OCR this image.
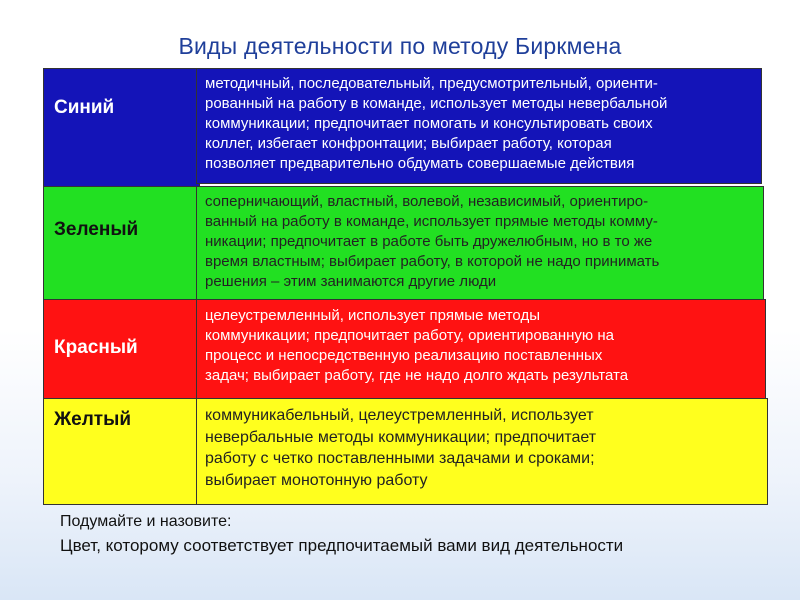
Виды деятельности по методу Биркмена
Синий
методичный, последовательный, предусмотрительный, ориенти-
рованный на работу в команде, использует методы невербальной
коммуникации; предпочитает помогать и консультировать своих
коллег, избегает конфронтации; выбирает работу, которая
позволяет предварительно обдумать совершаемые действия
Зеленый
соперничающий, властный, волевой, независимый, ориентиро-
ванный на работу в команде, использует прямые методы комму-
никации; предпочитает в работе быть дружелюбным, но в то же
время властным; выбирает работу, в которой не надо принимать
решения – этим занимаются другие люди
Красный
целеустремленный, использует прямые методы
коммуникации; предпочитает работу, ориентированную на
процесс и непосредственную реализацию поставленных
задач; выбирает работу, где не надо долго ждать результата
Желтый	коммуникабельный, целеустремленный, использует
невербальные методы коммуникации; предпочитает
работу с четко поставленными задачами и сроками;
выбирает монотонную работу
Подумайте и назовите:
Цвет, которому соответствует предпочитаемый вами вид деятельности
